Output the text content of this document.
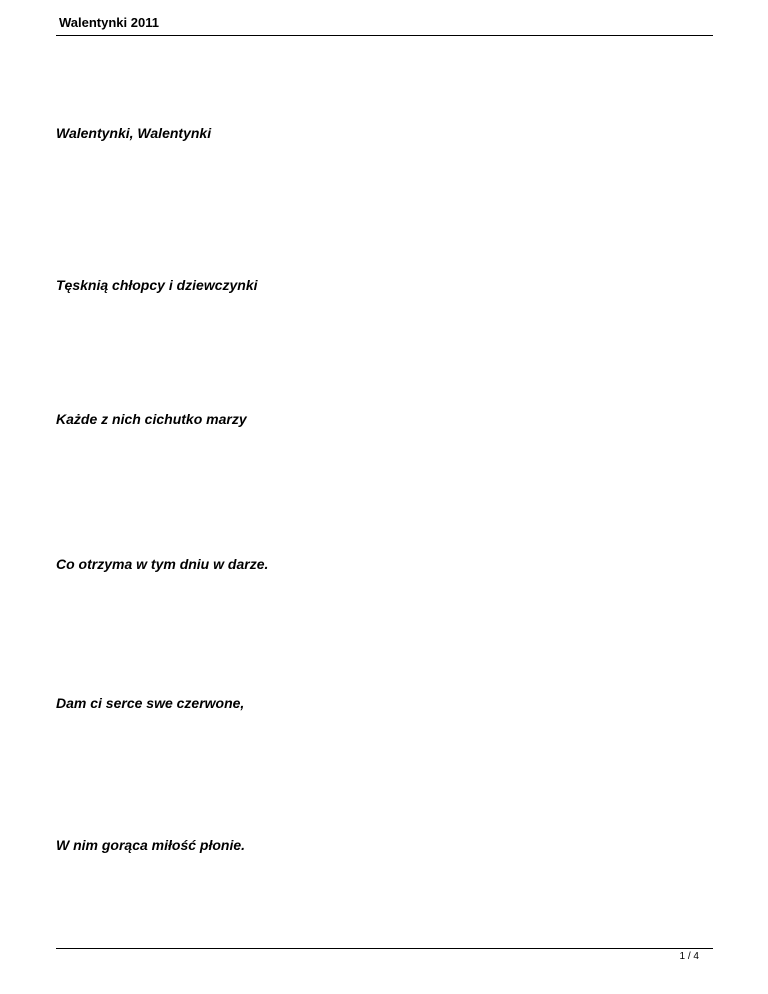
Walentynki 2011
Walentynki, Walentynki
Tęsknią chłopcy i dziewczynki
Każde z nich cichutko marzy
Co otrzyma w tym dniu w darze.
Dam ci serce swe czerwone,
W nim gorąca miłość płonie.
1 / 4
